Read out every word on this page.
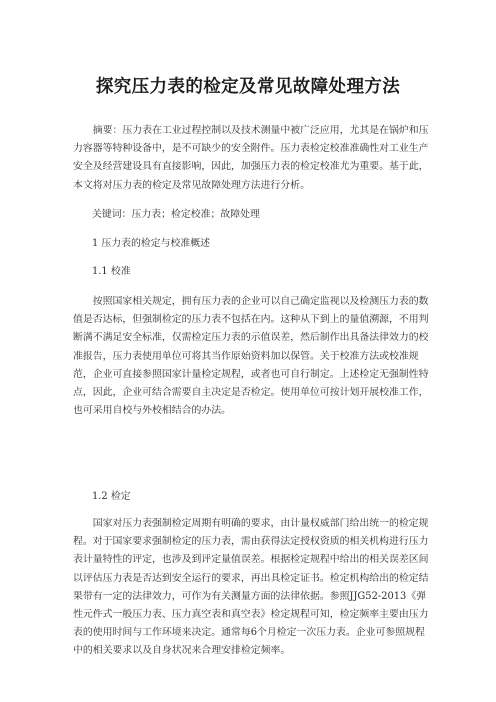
探究压力表的检定及常见故障处理方法

摘要：压力表在工业过程控制以及技术测量中被广泛应用，尤其是在锅炉和压力容器等特种设备中，是不可缺少的安全附件。压力表检定校准准确性对工业生产安全及经营建设具有直接影响，因此，加强压力表的检定校准尤为重要。基于此，本文将对压力表的检定及常见故障处理方法进行分析。

关键词：压力表；检定校准；故障处理
1 压力表的检定与校准概述
1.1 校准

按照国家相关规定，拥有压力表的企业可以自己确定监视以及检测压力表的数值是否达标，但强制检定的压力表不包括在内。这种从下到上的量值溯源，不用判断满不满足安全标准，仅需检定压力表的示值误差，然后制作出具备法律效力的校准报告，压力表使用单位可将其当作原始资料加以保管。关于校准方法或校准规范，企业可直接参照国家计量检定规程，或者也可自行制定。上述检定无强制性特点，因此，企业可结合需要自主决定是否检定。使用单位可按计划开展校准工作，也可采用自校与外校相结合的办法。

1.2 检定

国家对压力表强制检定周期有明确的要求，由计量权威部门给出统一的检定规程。对于国家要求强制检定的压力表，需由获得法定授权资质的相关机构进行压力表计量特性的评定，也涉及到评定量值误差。根据检定规程中给出的相关误差区间以评估压力表是否达到安全运行的要求，再出具检定证书。检定机构给出的检定结果带有一定的法律效力，可作为有关测量方面的法律依据。参照JJG52-2013《弹性元件式一般压力表、压力真空表和真空表》检定规程可知，检定频率主要由压力表的使用时间与工作环境来决定。通常每6个月检定一次压力表。企业可参照规程中的相关要求以及自身状况来合理安排检定频率。
